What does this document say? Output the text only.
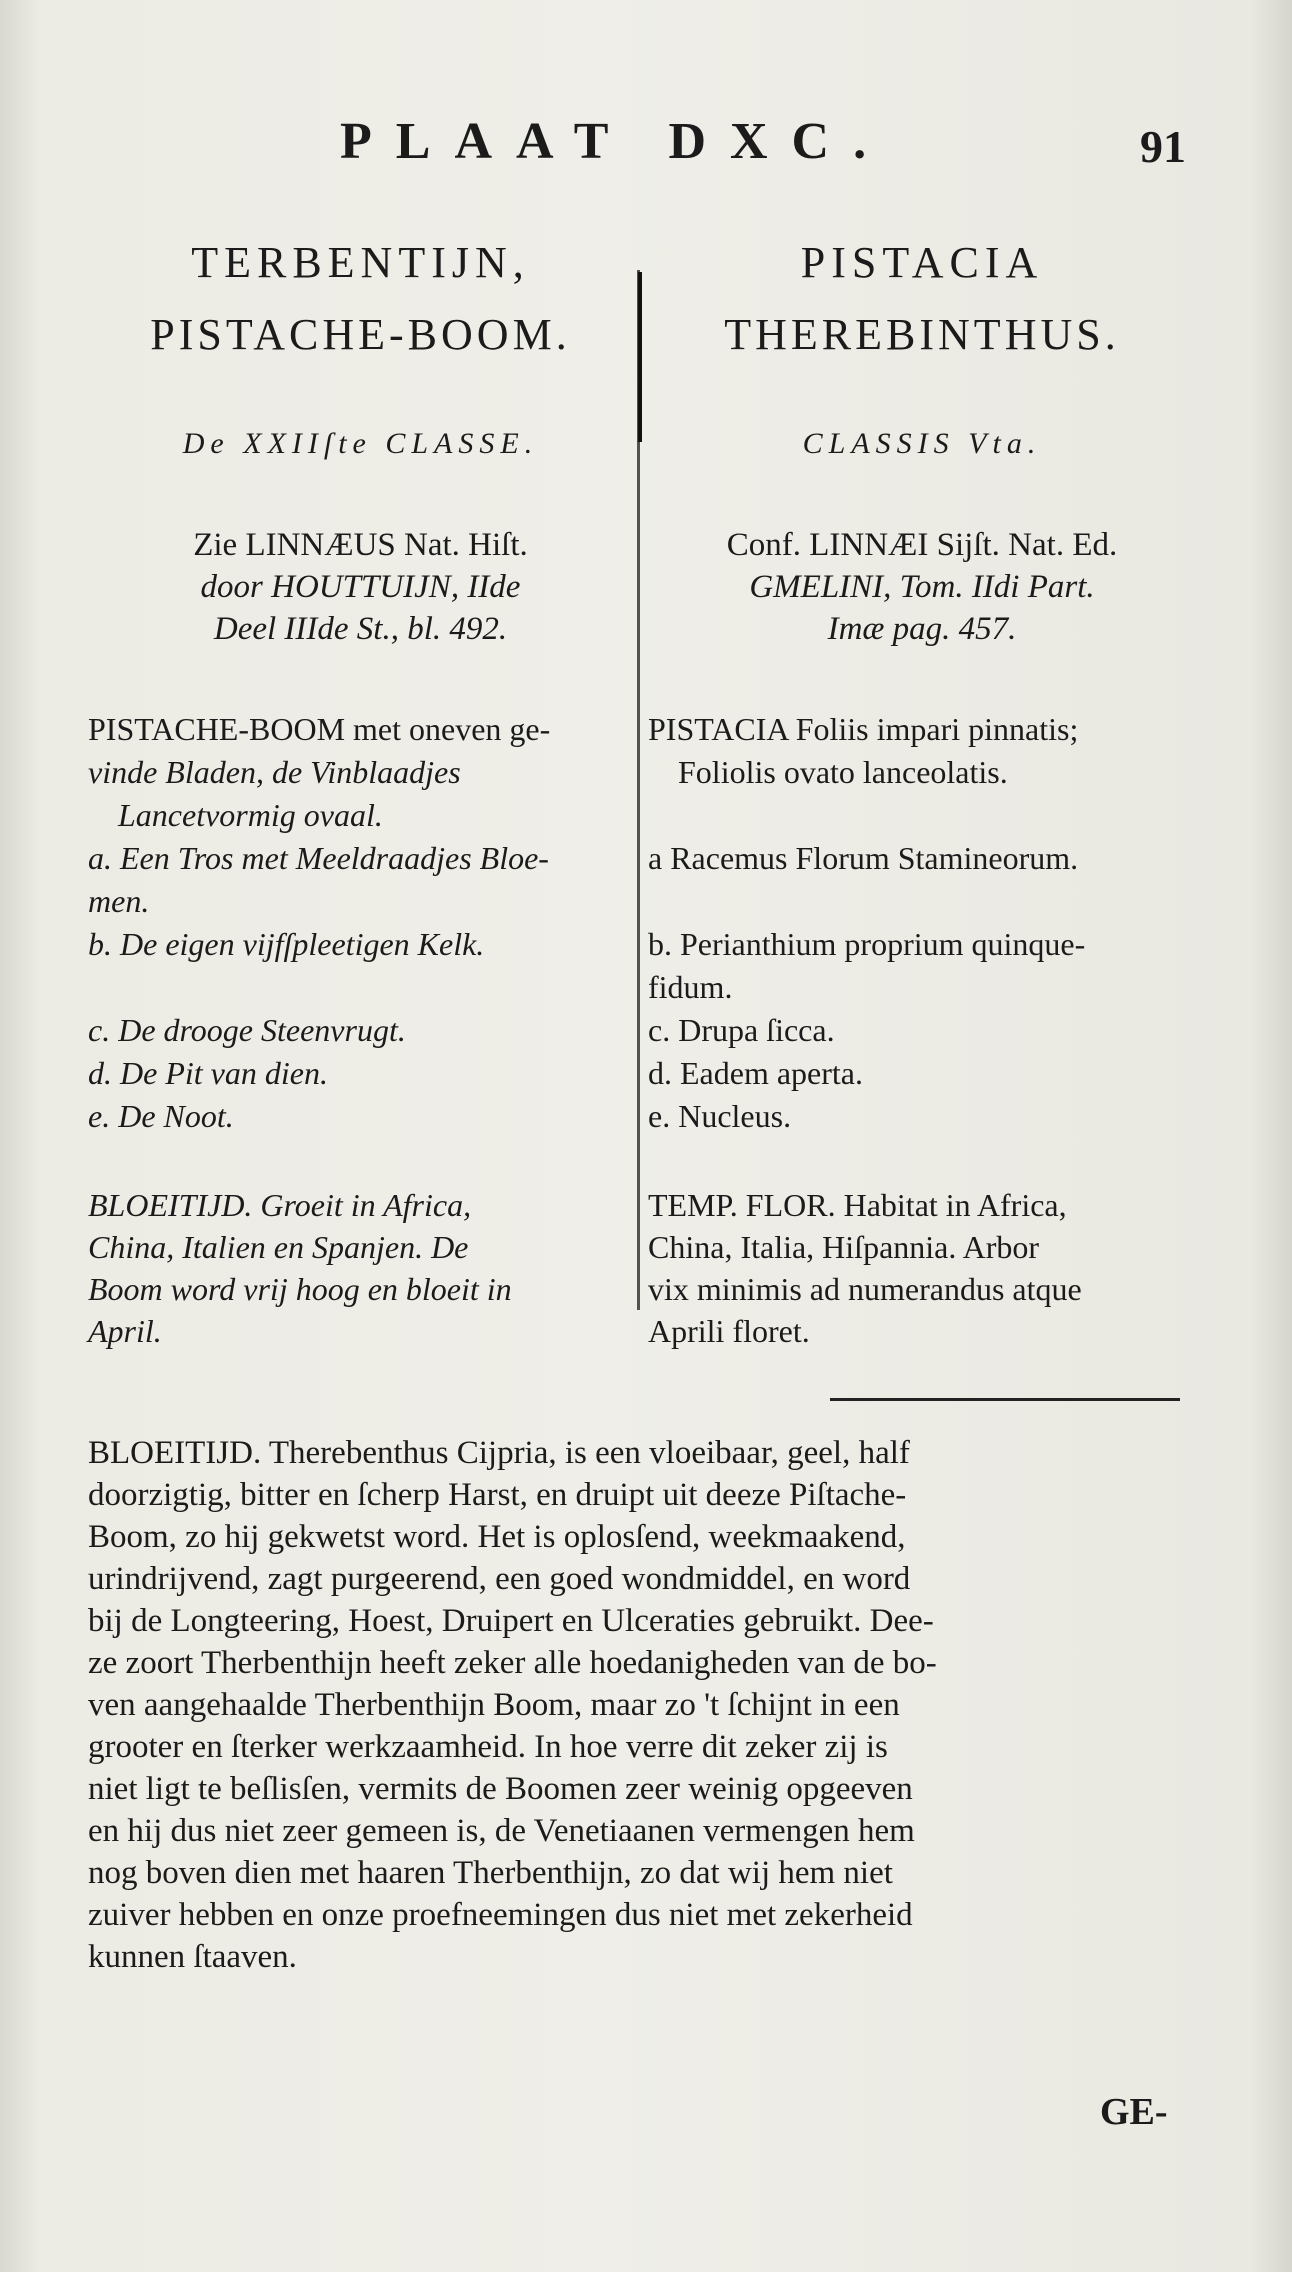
PLAAT DXC.	91
TERBENTIJN,
PISTACHE-BOOM.
De XXIIſte CLASSE.
Zie LINNÆUS Nat. Hiſt.
door HOUTTUIJN, IIde
Deel IIIde St., bl. 492.
PISTACHE-BOOM met oneven ge-
vinde Bladen, de Vinblaadjes
Lancetvormig ovaal.
a. Een Tros met Meeldraadjes Bloe-
men.
b. De eigen vijfſpleetigen Kelk.
c. De drooge Steenvrugt.
d. De Pit van dien.
e. De Noot.
BLOEITIJD. Groeit in Africa,
China, Italien en Spanjen. De
Boom word vrij hoog en bloeit in
April.
PISTACIA
THEREBINTHUS.
CLASSIS Vta.
Conf. LINNÆI Sijſt. Nat. Ed.
GMELINI, Tom. IIdi Part.
Imæ pag. 457.
PISTACIA Foliis impari pinnatis;
Foliolis ovato lanceolatis.
a Racemus Florum Stamineorum.
b. Perianthium proprium quinque-
fidum.
c. Drupa ſicca.
d. Eadem aperta.
e. Nucleus.
TEMP. FLOR. Habitat in Africa,
China, Italia, Hiſpannia. Arbor
vix minimis ad numerandus atque
Aprili floret.
BLOEITIJD. Therebenthus Cijpria, is een vloeibaar, geel, half
doorzigtig, bitter en ſcherp Harst, en druipt uit deeze Piſtache-
Boom, zo hij gekwetst word. Het is oplosſend, weekmaakend,
urindrijvend, zagt purgeerend, een goed wondmiddel, en word
bij de Longteering, Hoest, Druipert en Ulceraties gebruikt. Dee-
ze zoort Therbenthijn heeft zeker alle hoedanigheden van de bo-
ven aangehaalde Therbenthijn Boom, maar zo 't ſchijnt in een
grooter en ſterker werkzaamheid. In hoe verre dit zeker zij is
niet ligt te beſlisſen, vermits de Boomen zeer weinig opgeeven
en hij dus niet zeer gemeen is, de Venetiaanen vermengen hem
nog boven dien met haaren Therbenthijn, zo dat wij hem niet
zuiver hebben en onze proefneemingen dus niet met zekerheid
kunnen ſtaaven.
GE-
